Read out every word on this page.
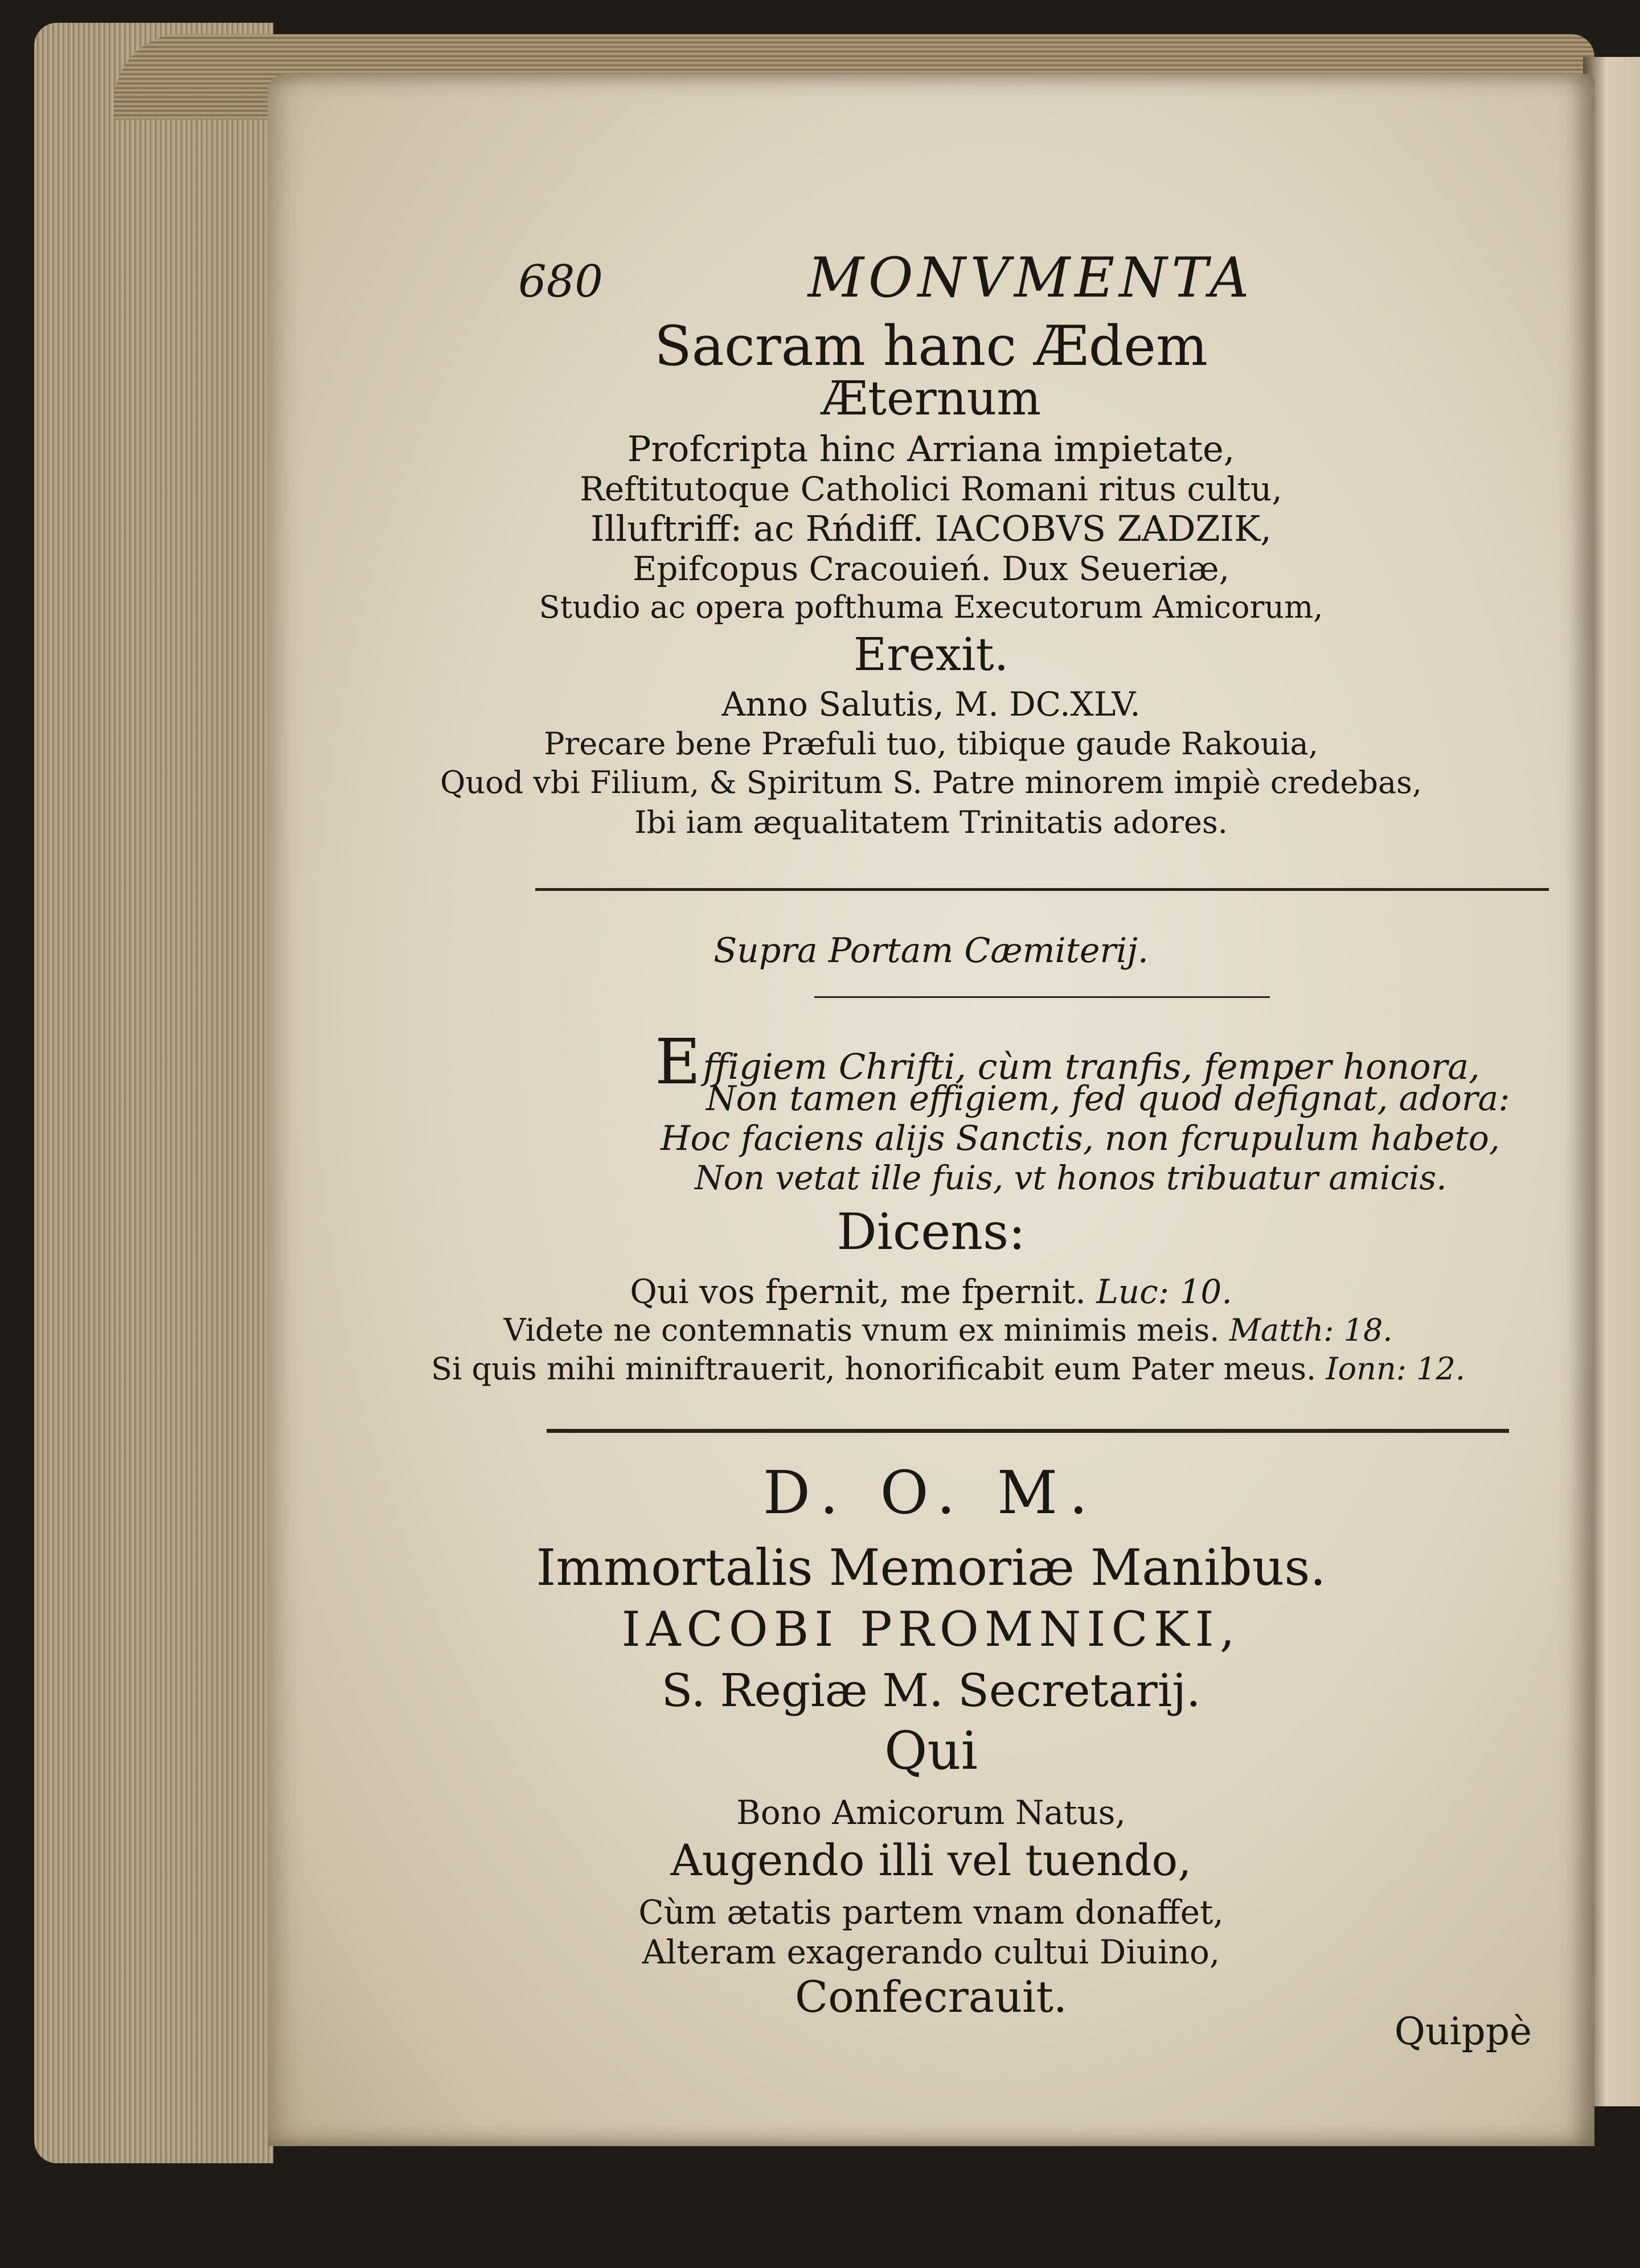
680	MONVMENTA
Sacram hanc Ædem
Æternum
Profcripta hinc Arriana impietate,
Reftitutoque Catholici Romani ritus cultu,
Illuftriff: ac Rńdiff. IACOBVS ZADZIK,
Epifcopus Cracouień. Dux Seueriæ,
Studio ac opera pofthuma Executorum Amicorum,
Erexit.
Anno Salutis, M. DC.XLV.
Precare bene Præfuli tuo, tibique gaude Rakouia,
Quod vbi Filium, & Spiritum S. Patre minorem impiè credebas,
Ibi iam æqualitatem Trinitatis adores.
Supra Portam Cæmiterij.
Effigiem Chrifti, cùm tranfis, femper honora,
Non tamen effigiem, fed quod defignat, adora:
Hoc faciens alijs Sanctis, non fcrupulum habeto,
Non vetat ille fuis, vt honos tribuatur amicis.
Dicens:
Qui vos fpernit, me fpernit. Luc: 10.
Videte ne contemnatis vnum ex minimis meis. Matth: 18.
Si quis mihi miniftrauerit, honorificabit eum Pater meus. Ionn: 12.
D. O. M.
Immortalis Memoriæ Manibus.
IACOBI PROMNICKI,
S. Regiæ M. Secretarij.
Qui
Bono Amicorum Natus,
Augendo illi vel tuendo,
Cùm ætatis partem vnam donaffet,
Alteram exagerando cultui Diuino,
Confecrauit.
Quippè
